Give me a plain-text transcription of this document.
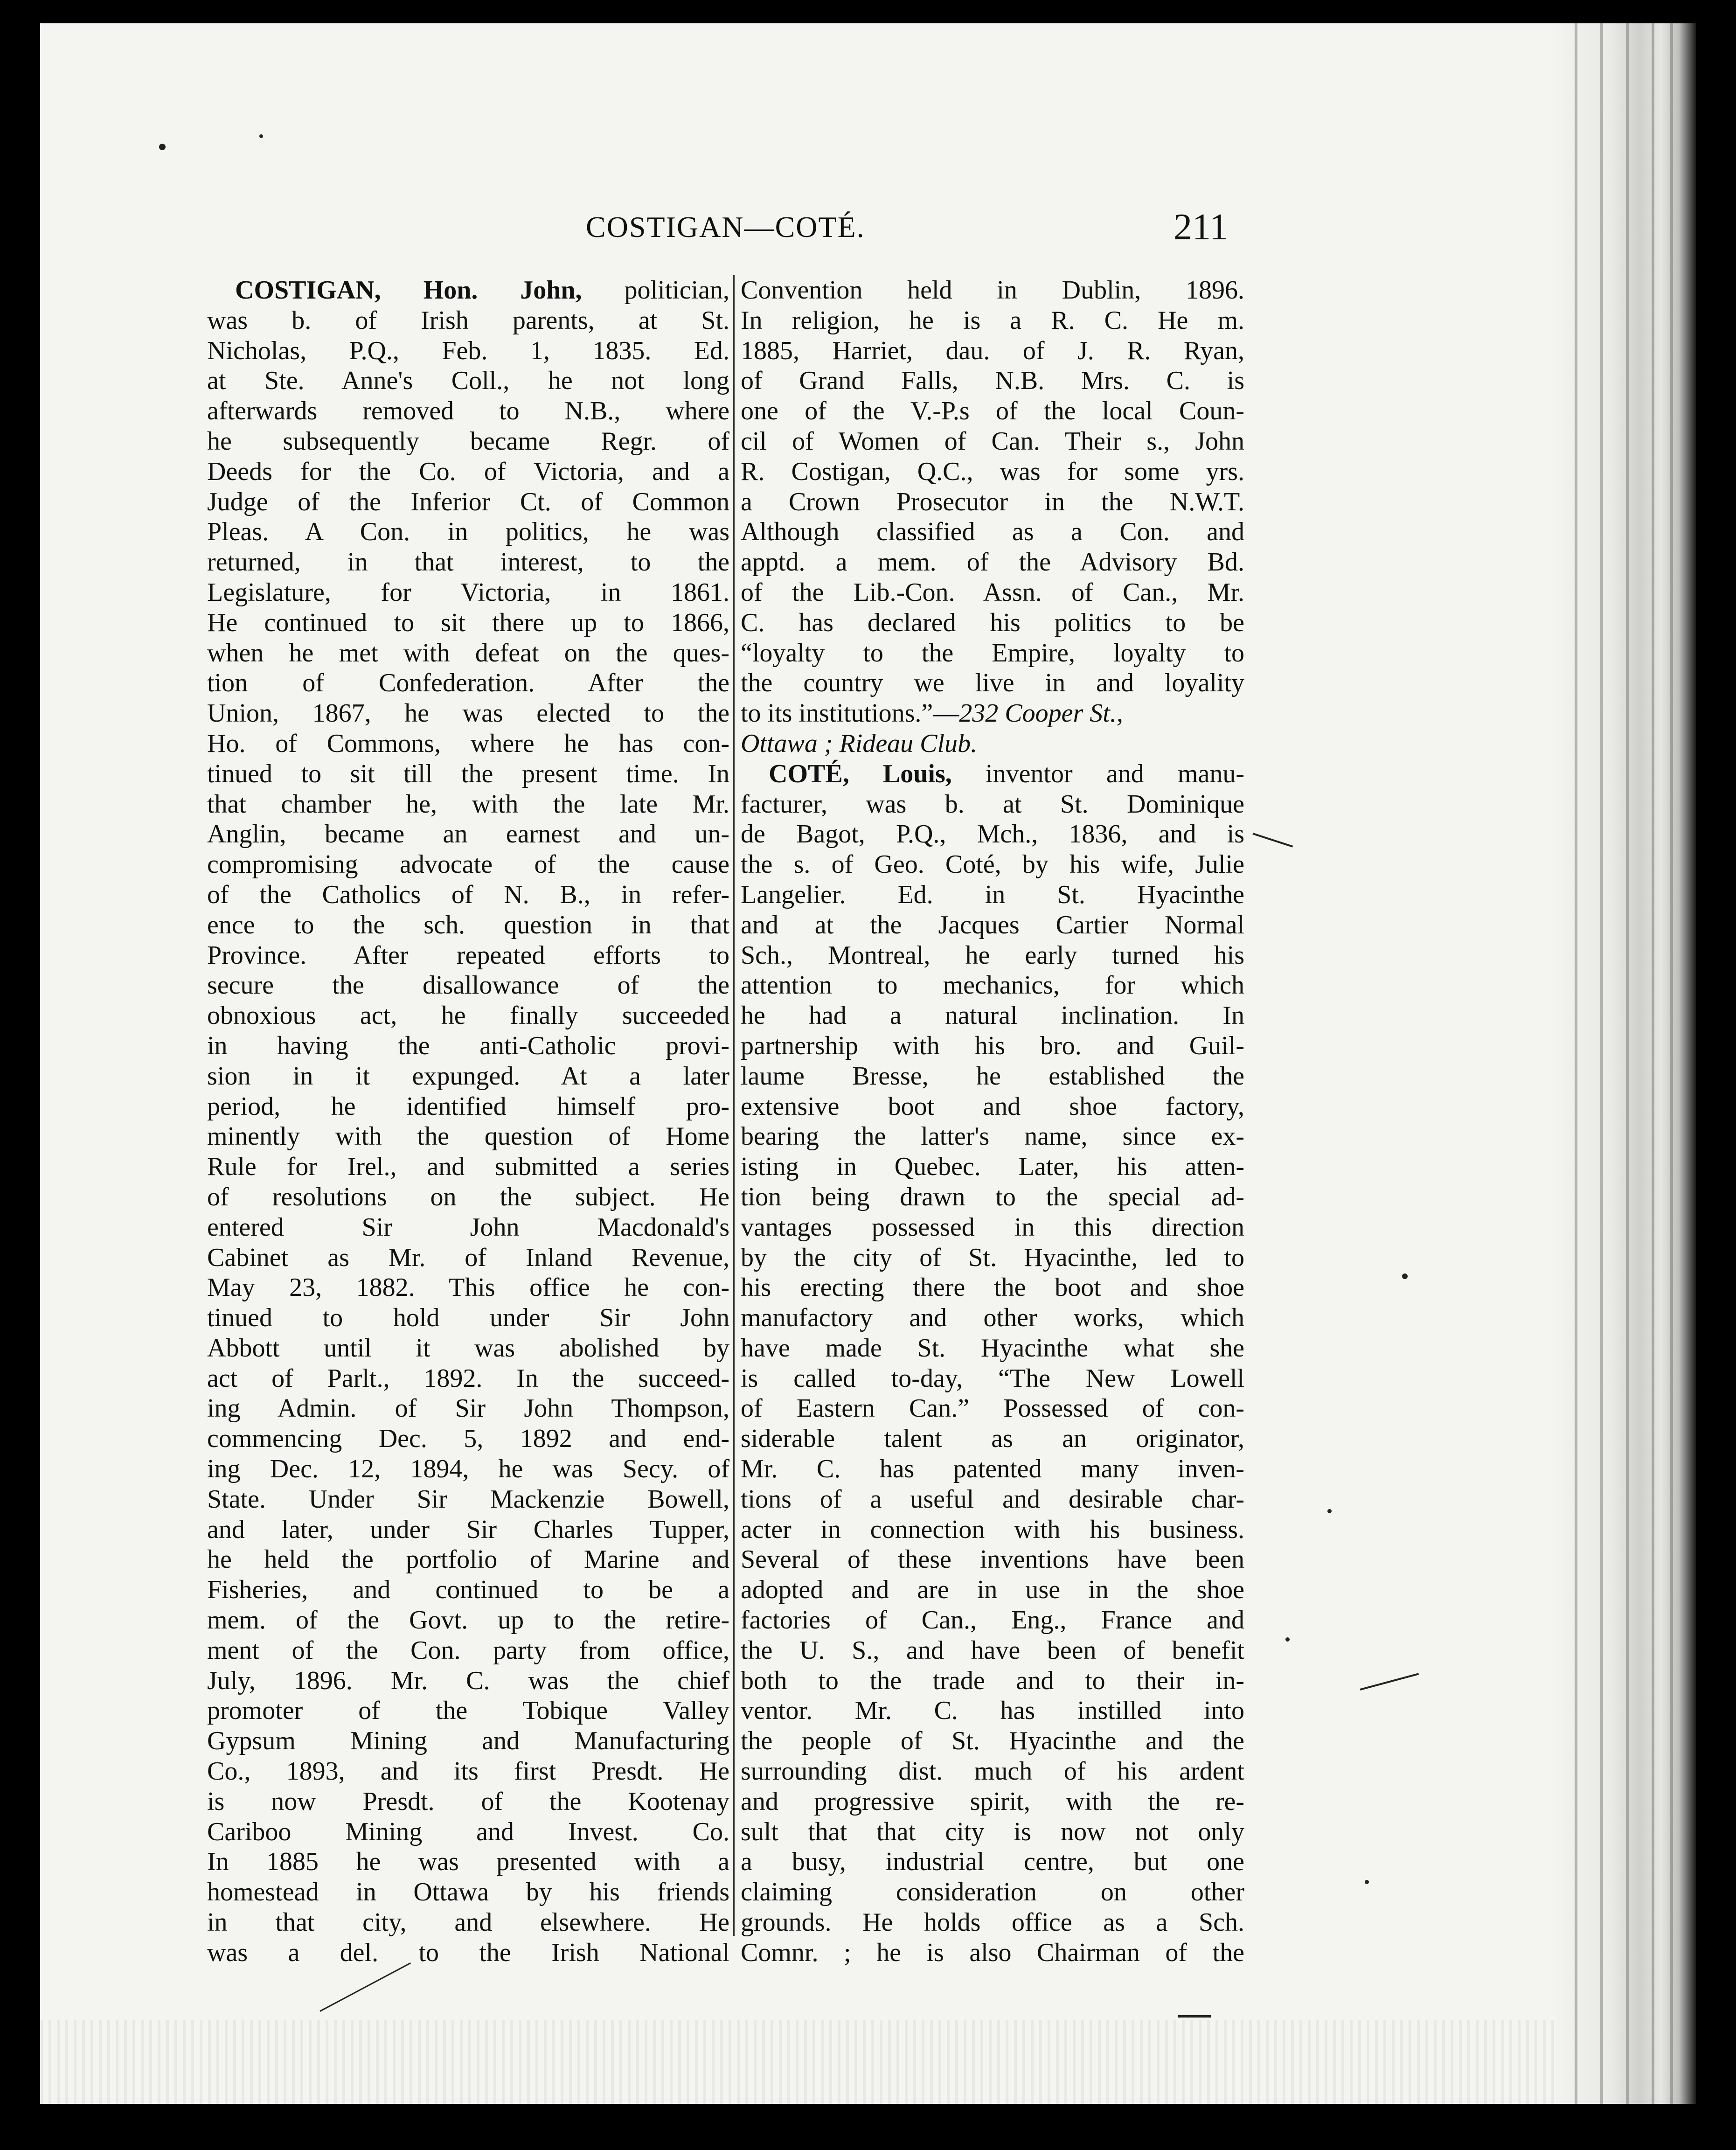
COSTIGAN—COTÉ.	211
COSTIGAN, Hon. John, politician,
was b. of Irish parents, at St.
Nicholas, P.Q., Feb. 1, 1835. Ed.
at Ste. Anne's Coll., he not long
afterwards removed to N.B., where
he subsequently became Regr. of
Deeds for the Co. of Victoria, and a
Judge of the Inferior Ct. of Common
Pleas. A Con. in politics, he was
returned, in that interest, to the
Legislature, for Victoria, in 1861.
He continued to sit there up to 1866,
when he met with defeat on the ques-
tion of Confederation. After the
Union, 1867, he was elected to the
Ho. of Commons, where he has con-
tinued to sit till the present time. In
that chamber he, with the late Mr.
Anglin, became an earnest and un-
compromising advocate of the cause
of the Catholics of N. B., in refer-
ence to the sch. question in that
Province. After repeated efforts to
secure the disallowance of the
obnoxious act, he finally succeeded
in having the anti-Catholic provi-
sion in it expunged. At a later
period, he identified himself pro-
minently with the question of Home
Rule for Irel., and submitted a series
of resolutions on the subject. He
entered Sir John Macdonald's
Cabinet as Mr. of Inland Revenue,
May 23, 1882. This office he con-
tinued to hold under Sir John
Abbott until it was abolished by
act of Parlt., 1892. In the succeed-
ing Admin. of Sir John Thompson,
commencing Dec. 5, 1892 and end-
ing Dec. 12, 1894, he was Secy. of
State. Under Sir Mackenzie Bowell,
and later, under Sir Charles Tupper,
he held the portfolio of Marine and
Fisheries, and continued to be a
mem. of the Govt. up to the retire-
ment of the Con. party from office,
July, 1896. Mr. C. was the chief
promoter of the Tobique Valley
Gypsum Mining and Manufacturing
Co., 1893, and its first Presdt. He
is now Presdt. of the Kootenay
Cariboo Mining and Invest. Co.
In 1885 he was presented with a
homestead in Ottawa by his friends
in that city, and elsewhere. He
was a del. to the Irish National
Convention held in Dublin, 1896.
In religion, he is a R. C. He m.
1885, Harriet, dau. of J. R. Ryan,
of Grand Falls, N.B. Mrs. C. is
one of the V.-P.s of the local Coun-
cil of Women of Can. Their s., John
R. Costigan, Q.C., was for some yrs.
a Crown Prosecutor in the N.W.T.
Although classified as a Con. and
apptd. a mem. of the Advisory Bd.
of the Lib.-Con. Assn. of Can., Mr.
C. has declared his politics to be
“loyalty to the Empire, loyalty to
the country we live in and loyality
to its institutions.”—232 Cooper St.,
Ottawa ; Rideau Club.
COTÉ, Louis, inventor and manu-
facturer, was b. at St. Dominique
de Bagot, P.Q., Mch., 1836, and is
the s. of Geo. Coté, by his wife, Julie
Langelier. Ed. in St. Hyacinthe
and at the Jacques Cartier Normal
Sch., Montreal, he early turned his
attention to mechanics, for which
he had a natural inclination. In
partnership with his bro. and Guil-
laume Bresse, he established the
extensive boot and shoe factory,
bearing the latter's name, since ex-
isting in Quebec. Later, his atten-
tion being drawn to the special ad-
vantages possessed in this direction
by the city of St. Hyacinthe, led to
his erecting there the boot and shoe
manufactory and other works, which
have made St. Hyacinthe what she
is called to-day, “The New Lowell
of Eastern Can.” Possessed of con-
siderable talent as an originator,
Mr. C. has patented many inven-
tions of a useful and desirable char-
acter in connection with his business.
Several of these inventions have been
adopted and are in use in the shoe
factories of Can., Eng., France and
the U. S., and have been of benefit
both to the trade and to their in-
ventor. Mr. C. has instilled into
the people of St. Hyacinthe and the
surrounding dist. much of his ardent
and progressive spirit, with the re-
sult that that city is now not only
a busy, industrial centre, but one
claiming consideration on other
grounds. He holds office as a Sch.
Comnr. ; he is also Chairman of the
